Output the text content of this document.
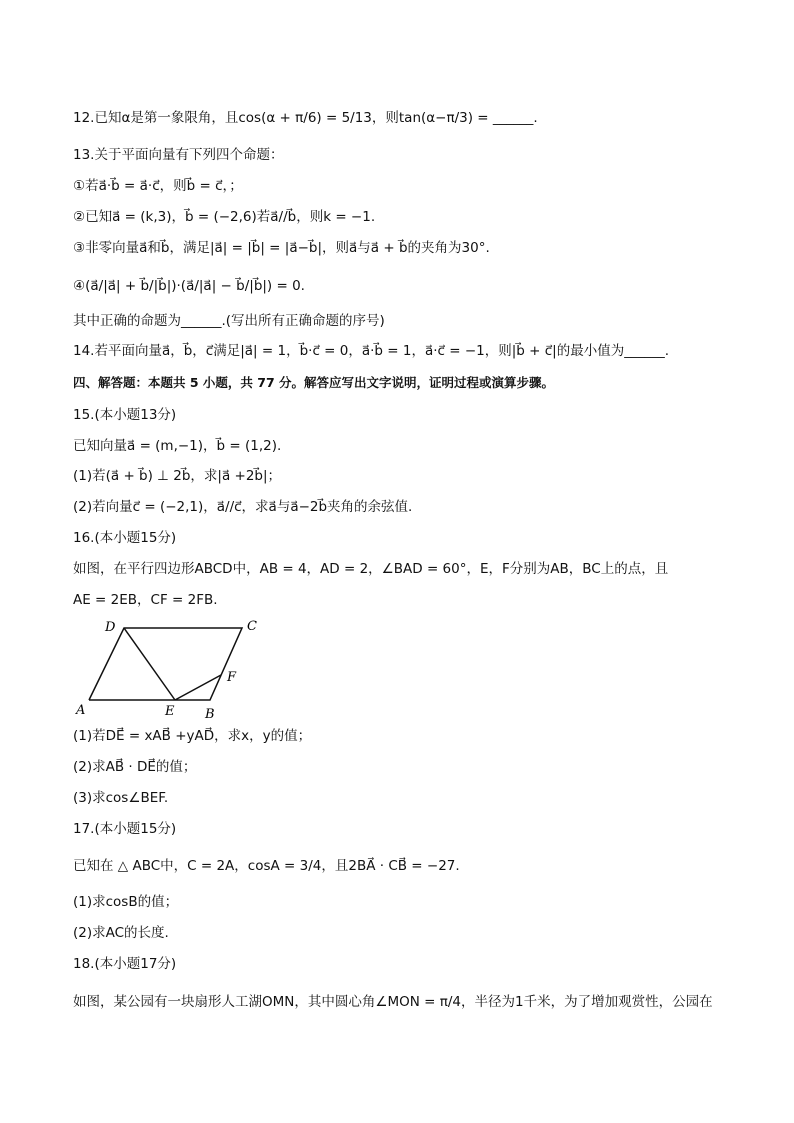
12.已知α是第一象限角，且cos(α + π/6) = 5/13，则tan(α−π/3) = ______.
13.关于平面向量有下列四个命题：
①若a⃗·b⃗ = a⃗·c⃗，则b⃗ = c⃗，；
②已知a⃗ = (k,3)，b⃗ = (−2,6)若a⃗//b⃗，则k = −1.
③非零向量a⃗和b⃗，满足|a⃗| = |b⃗| = |a⃗−b⃗|，则a⃗与a⃗ + b⃗的夹角为30°.
④(a⃗/|a⃗| + b⃗/|b⃗|)·(a⃗/|a⃗| − b⃗/|b⃗|) = 0.
其中正确的命题为______.(写出所有正确命题的序号)
14.若平面向量a⃗，b⃗，c⃗满足|a⃗| = 1，b⃗·c⃗ = 0，a⃗·b⃗ = 1，a⃗·c⃗ = −1，则|b⃗ + c⃗|的最小值为______.
四、解答题：本题共 5 小题，共 77 分。解答应写出文字说明，证明过程或演算步骤。
15.(本小题13分)
已知向量a⃗ = (m,−1)，b⃗ = (1,2).
(1)若(a⃗ + b⃗) ⊥ 2b⃗，求|a⃗ +2b⃗|；
(2)若向量c⃗ = (−2,1)，a⃗//c⃗，求a⃗与a⃗−2b⃗夹角的余弦值.
16.(本小题15分)
如图，在平行四边形ABCD中，AB = 4，AD = 2，∠BAD = 60°，E，F分别为AB，BC上的点，且
AE = 2EB，CF = 2FB.
D	C
F
A	E B
(1)若DE⃗ = xAB⃗ +yAD⃗，求x，y的值；
(2)求AB⃗ · DE⃗的值；
(3)求cos∠BEF.
17.(本小题15分)
已知在 △ ABC中，C = 2A，cosA = 3/4，且2BA⃗ · CB⃗ = −27.
(1)求cosB的值；
(2)求AC的长度.
18.(本小题17分)
如图，某公园有一块扇形人工湖OMN，其中圆心角∠MON = π/4，半径为1千米，为了增加观赏性，公园在
